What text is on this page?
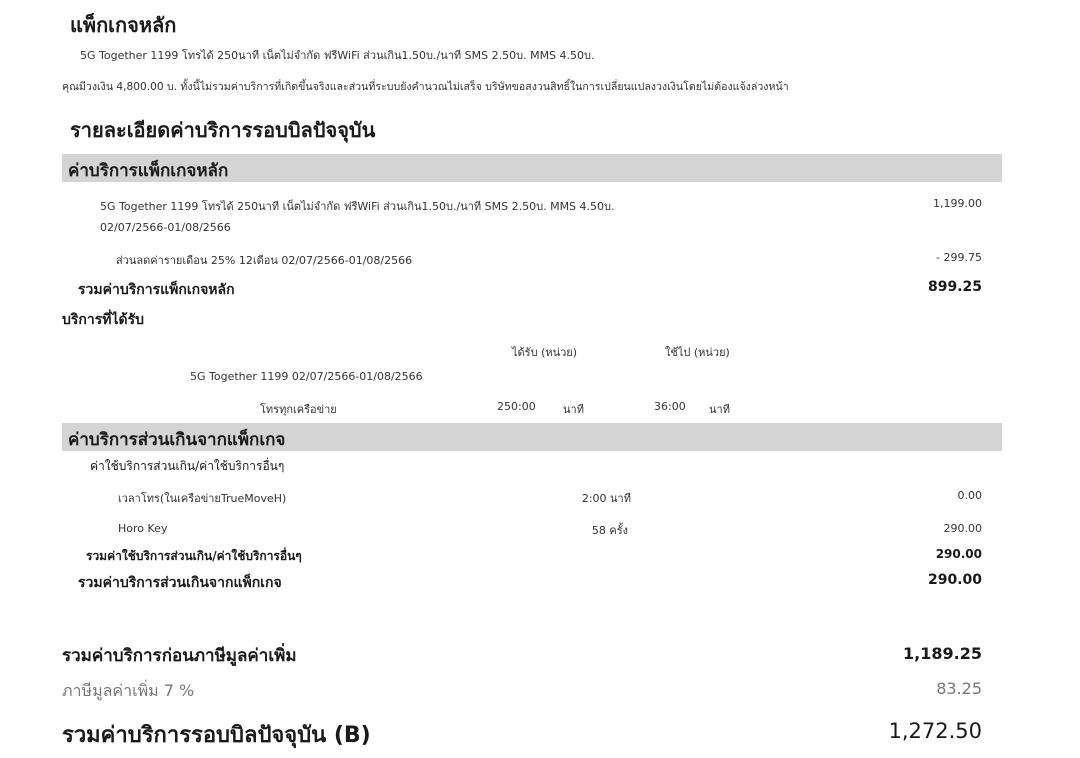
แพ็กเกจหลัก
5G Together 1199 โทรได้ 250นาที เน็ตไม่จำกัด ฟรีWiFi ส่วนเกิน1.50บ./นาที SMS 2.50บ. MMS 4.50บ.
คุณมีวงเงิน 4,800.00 บ. ทั้งนี้ไม่รวมค่าบริการที่เกิดขึ้นจริงและส่วนที่ระบบยังคำนวณไม่เสร็จ บริษัทขอสงวนสิทธิ์ในการเปลี่ยนแปลงวงเงินโดยไม่ต้องแจ้งล่วงหน้า
รายละเอียดค่าบริการรอบบิลปัจจุบัน
ค่าบริการแพ็กเกจหลัก
5G Together 1199 โทรได้ 250นาที เน็ตไม่จำกัด ฟรีWiFi ส่วนเกิน1.50บ./นาที SMS 2.50บ. MMS 4.50บ.	1,199.00
02/07/2566-01/08/2566
ส่วนลดค่ารายเดือน 25% 12เดือน 02/07/2566-01/08/2566	- 299.75
รวมค่าบริการแพ็กเกจหลัก	899.25
บริการที่ได้รับ
ได้รับ (หน่วย)	ใช้ไป (หน่วย)
5G Together 1199 02/07/2566-01/08/2566
โทรทุกเครือข่าย	250:00 นาที	36:00 นาที
ค่าบริการส่วนเกินจากแพ็กเกจ
ค่าใช้บริการส่วนเกิน/ค่าใช้บริการอื่นๆ
เวลาโทร(ในเครือข่ายTrueMoveH)	2:00 นาที	0.00
Horo Key	58 ครั้ง	290.00
รวมค่าใช้บริการส่วนเกิน/ค่าใช้บริการอื่นๆ	290.00
รวมค่าบริการส่วนเกินจากแพ็กเกจ	290.00
รวมค่าบริการก่อนภาษีมูลค่าเพิ่ม	1,189.25
ภาษีมูลค่าเพิ่ม 7 %	83.25
รวมค่าบริการรอบบิลปัจจุบัน (B)	1,272.50
